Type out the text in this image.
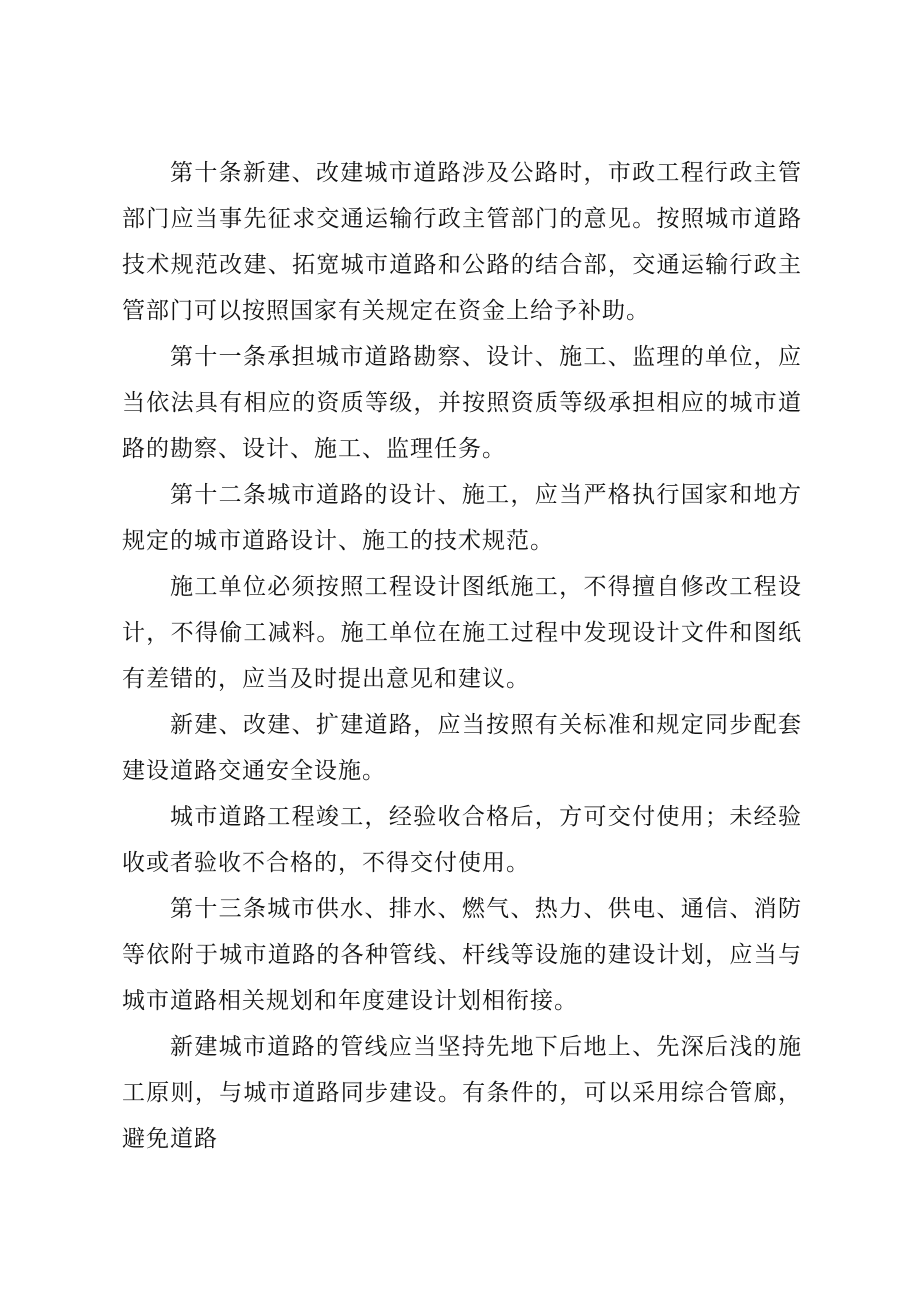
第十条新建、改建城市道路涉及公路时，市政工程行政主管部门应当事先征求交通运输行政主管部门的意见。按照城市道路技术规范改建、拓宽城市道路和公路的结合部，交通运输行政主管部门可以按照国家有关规定在资金上给予补助。

第十一条承担城市道路勘察、设计、施工、监理的单位，应当依法具有相应的资质等级，并按照资质等级承担相应的城市道路的勘察、设计、施工、监理任务。

第十二条城市道路的设计、施工，应当严格执行国家和地方规定的城市道路设计、施工的技术规范。

施工单位必须按照工程设计图纸施工，不得擅自修改工程设计，不得偷工减料。施工单位在施工过程中发现设计文件和图纸有差错的，应当及时提出意见和建议。

新建、改建、扩建道路，应当按照有关标准和规定同步配套建设道路交通安全设施。

城市道路工程竣工，经验收合格后，方可交付使用；未经验收或者验收不合格的，不得交付使用。

第十三条城市供水、排水、燃气、热力、供电、通信、消防等依附于城市道路的各种管线、杆线等设施的建设计划，应当与城市道路相关规划和年度建设计划相衔接。

新建城市道路的管线应当坚持先地下后地上、先深后浅的施工原则，与城市道路同步建设。有条件的，可以采用综合管廊，避免道路
